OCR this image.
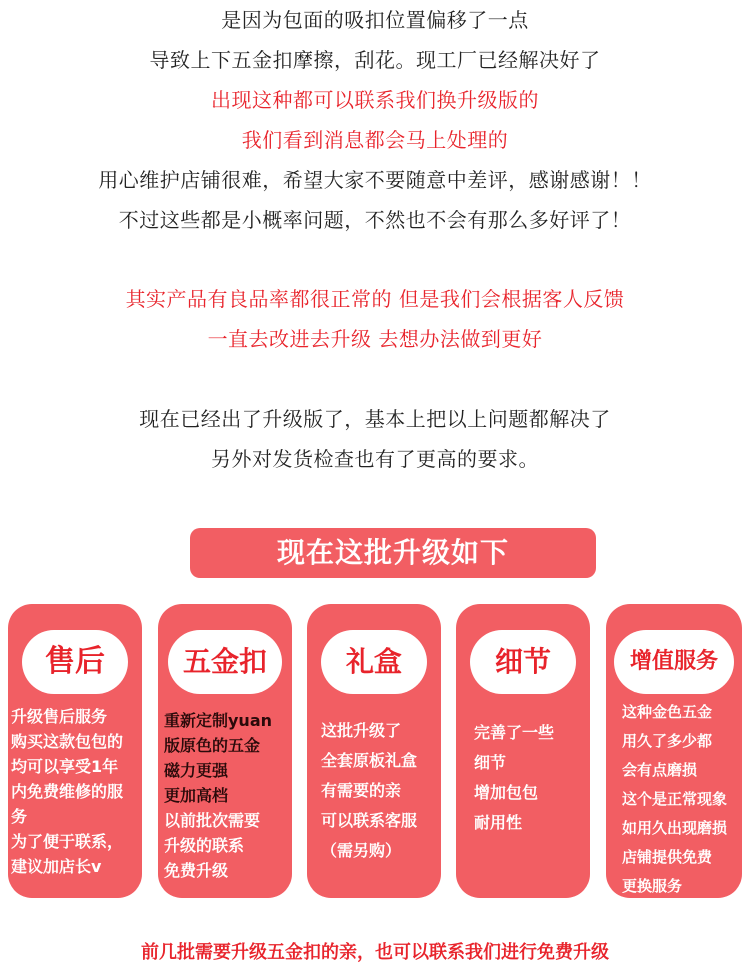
是因为包面的吸扣位置偏移了一点
导致上下五金扣摩擦，刮花。现工厂已经解决好了
出现这种都可以联系我们换升级版的
我们看到消息都会马上处理的
用心维护店铺很难，希望大家不要随意中差评，感谢感谢！！
不过这些都是小概率问题，不然也不会有那么多好评了！
其实产品有良品率都很正常的 但是我们会根据客人反馈
一直去改进去升级 去想办法做到更好
现在已经出了升级版了，基本上把以上问题都解决了
另外对发货检查也有了更高的要求。
现在这批升级如下
售后
升级售后服务
购买这款包包的
均可以享受1年
内免费维修的服
务
为了便于联系，
建议加店长v
五金扣
重新定制yuan
版原色的五金
磁力更强
更加高档
以前批次需要
升级的联系
免费升级
礼盒
这批升级了
全套原板礼盒
有需要的亲
可以联系客服
（需另购）
细节
完善了一些
细节
增加包包
耐用性
增值服务
这种金色五金
用久了多少都
会有点磨损
这个是正常现象
如用久出现磨损
店铺提供免费
更换服务
前几批需要升级五金扣的亲，也可以联系我们进行免费升级
